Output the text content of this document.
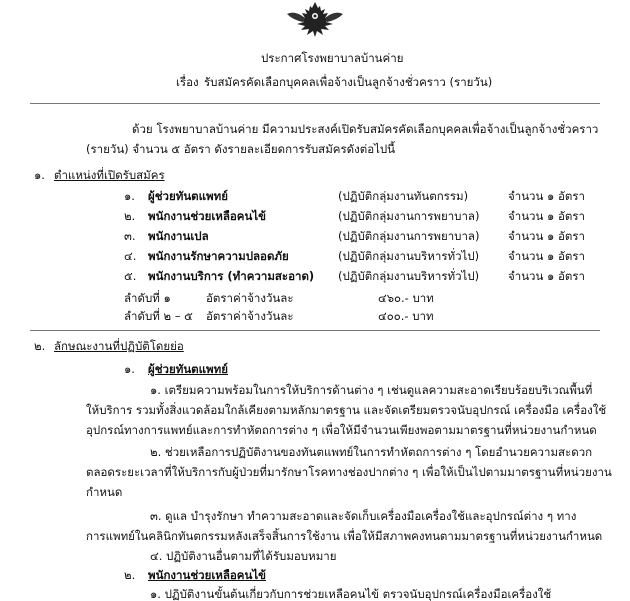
ประกาศโรงพยาบาลบ้านค่าย
เรื่อง รับสมัครคัดเลือกบุคคลเพื่อจ้างเป็นลูกจ้างชั่วคราว (รายวัน)
ด้วย โรงพยาบาลบ้านค่าย มีความประสงค์เปิดรับสมัครคัดเลือกบุคคลเพื่อจ้างเป็นลูกจ้างชั่วคราว
(รายวัน) จำนวน ๕ อัตรา ดังรายละเอียดการรับสมัครดังต่อไปนี้
๑. ตำแหน่งที่เปิดรับสมัคร
๑. ผู้ช่วยทันตแพทย์	(ปฏิบัติกลุ่มงานทันตกรรม)	จำนวน ๑ อัตรา
๒. พนักงานช่วยเหลือคนไข้	(ปฏิบัติกลุ่มงานการพยาบาล) จำนวน ๑ อัตรา
๓. พนักงานเปล	(ปฏิบัติกลุ่มงานการพยาบาล) จำนวน ๑ อัตรา
๔. พนักงานรักษาความปลอดภัย	(ปฏิบัติกลุ่มงานบริหารทั่วไป)	จำนวน ๑ อัตรา
๕. พนักงานบริการ (ทำความสะอาด) (ปฏิบัติกลุ่มงานบริหารทั่วไป)	จำนวน ๑ อัตรา
ลำดับที่ ๑	อัตราค่าจ้างวันละ	๔๖๐.- บาท
ลำดับที่ ๒ – ๕ อัตราค่าจ้างวันละ	๔๐๐.- บาท
๒. ลักษณะงานที่ปฏิบัติโดยย่อ
๑. ผู้ช่วยทันตแพทย์
๑. เตรียมความพร้อมในการให้บริการด้านต่าง ๆ เช่นดูแลความสะอาดเรียบร้อยบริเวณพื้นที่
ให้บริการ รวมทั้งสิ่งแวดล้อมใกล้เคียงตามหลักมาตรฐาน และจัดเตรียมตรวจนับอุปกรณ์ เครื่องมือ เครื่องใช้
อุปกรณ์ทางการแพทย์และการทำหัตถการต่าง ๆ เพื่อให้มีจำนวนเพียงพอตามมาตรฐานที่หน่วยงานกำหนด
๒. ช่วยเหลือการปฏิบัติงานของทันตแพทย์ในการทำหัตถการต่าง ๆ โดยอำนวยความสะดวก
ตลอดระยะเวลาที่ให้บริการกับผู้ป่วยที่มารักษาโรคทางช่องปากต่าง ๆ เพื่อให้เป็นไปตามมาตรฐานที่หน่วยงาน
กำหนด
๓. ดูแล บำรุงรักษา ทำความสะอาดและจัดเก็บเครื่องมือเครื่องใช้และอุปกรณ์ต่าง ๆ ทาง
การแพทย์ในคลินิกทันตกรรมหลังเสร็จสิ้นการใช้งาน เพื่อให้มีสภาพคงทนตามมาตรฐานที่หน่วยงานกำหนด
๔. ปฏิบัติงานอื่นตามที่ได้รับมอบหมาย
๒. พนักงานช่วยเหลือคนไข้
๑. ปฏิบัติงานขั้นต้นเกี่ยวกับการช่วยเหลือคนไข้ ตรวจนับอุปกรณ์เครื่องมือเครื่องใช้
